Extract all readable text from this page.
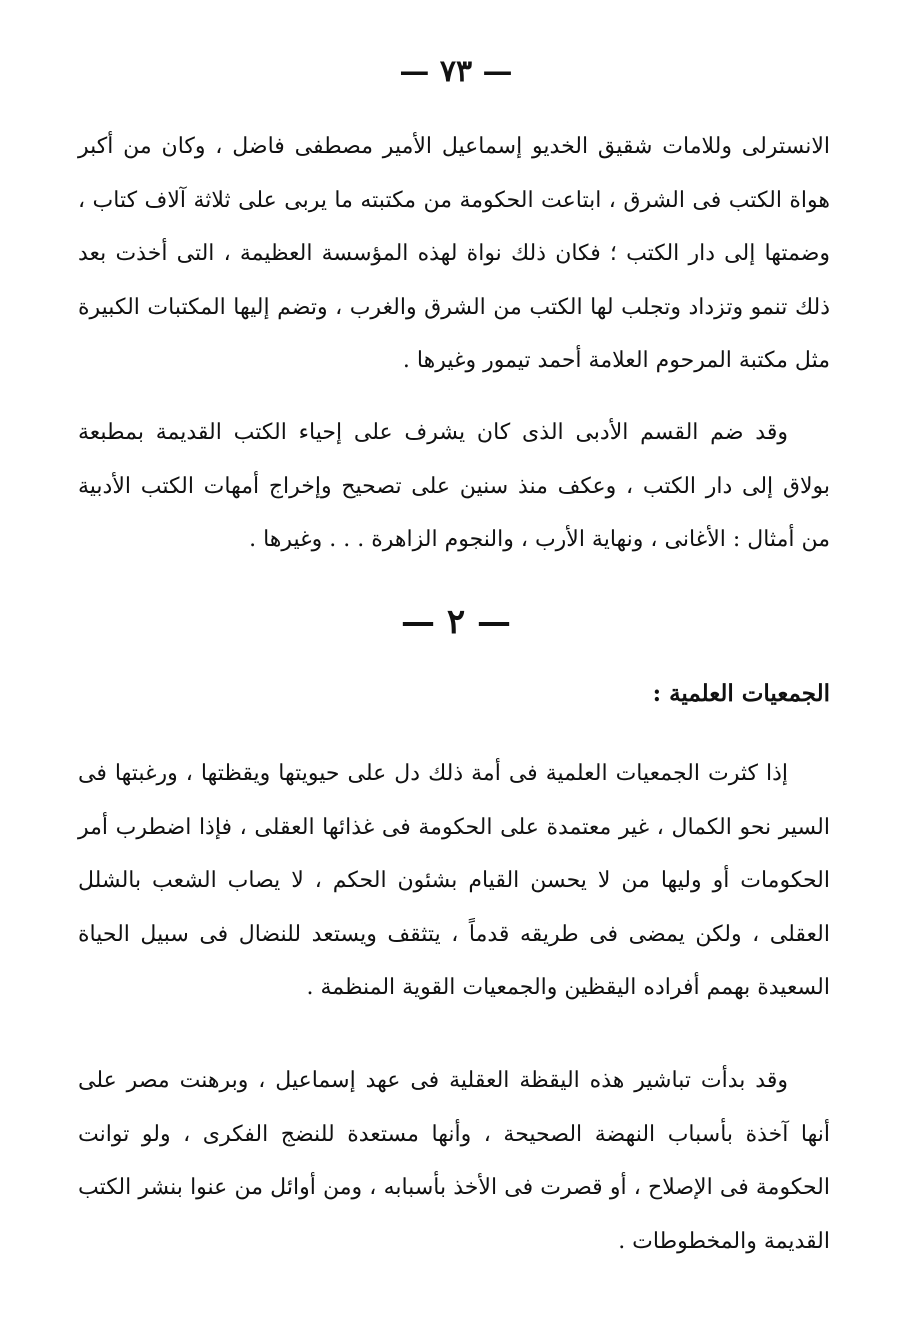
— ٧٣ —

الانسترلى وللامات شقيق الخديو إسماعيل الأمير مصطفى فاضل ، وكان من أكبر هواة الكتب فى الشرق ، ابتاعت الحكومة من مكتبته ما يربى على ثلاثة آلاف كتاب ، وضمتها إلى دار الكتب ؛ فكان ذلك نواة لهذه المؤسسة العظيمة ، التى أخذت بعد ذلك تنمو وتزداد وتجلب لها الكتب من الشرق والغرب ، وتضم إليها المكتبات الكبيرة مثل مكتبة المرحوم العلامة أحمد تيمور وغيرها .

وقد ضم القسم الأدبى الذى كان يشرف على إحياء الكتب القديمة بمطبعة بولاق إلى دار الكتب ، وعكف منذ سنين على تصحيح وإخراج أمهات الكتب الأدبية من أمثال : الأغانى ، ونهاية الأرب ، والنجوم الزاهرة . . . وغيرها .

— ٢ —
الجمعيات العلمية :

إذا كثرت الجمعيات العلمية فى أمة ذلك دل على حيويتها ويقظتها ، ورغبتها فى السير نحو الكمال ، غير معتمدة على الحكومة فى غذائها العقلى ، فإذا اضطرب أمر الحكومات أو وليها من لا يحسن القيام بشئون الحكم ، لا يصاب الشعب بالشلل العقلى ، ولكن يمضى فى طريقه قدماً ، يتثقف ويستعد للنضال فى سبيل الحياة السعيدة بهمم أفراده اليقظين والجمعيات القوية المنظمة .

وقد بدأت تباشير هذه اليقظة العقلية فى عهد إسماعيل ، وبرهنت مصر على أنها آخذة بأسباب النهضة الصحيحة ، وأنها مستعدة للنضج الفكرى ، ولو توانت الحكومة فى الإصلاح ، أو قصرت فى الأخذ بأسبابه ، ومن أوائل من عنوا بنشر الكتب القديمة والمخطوطات .
